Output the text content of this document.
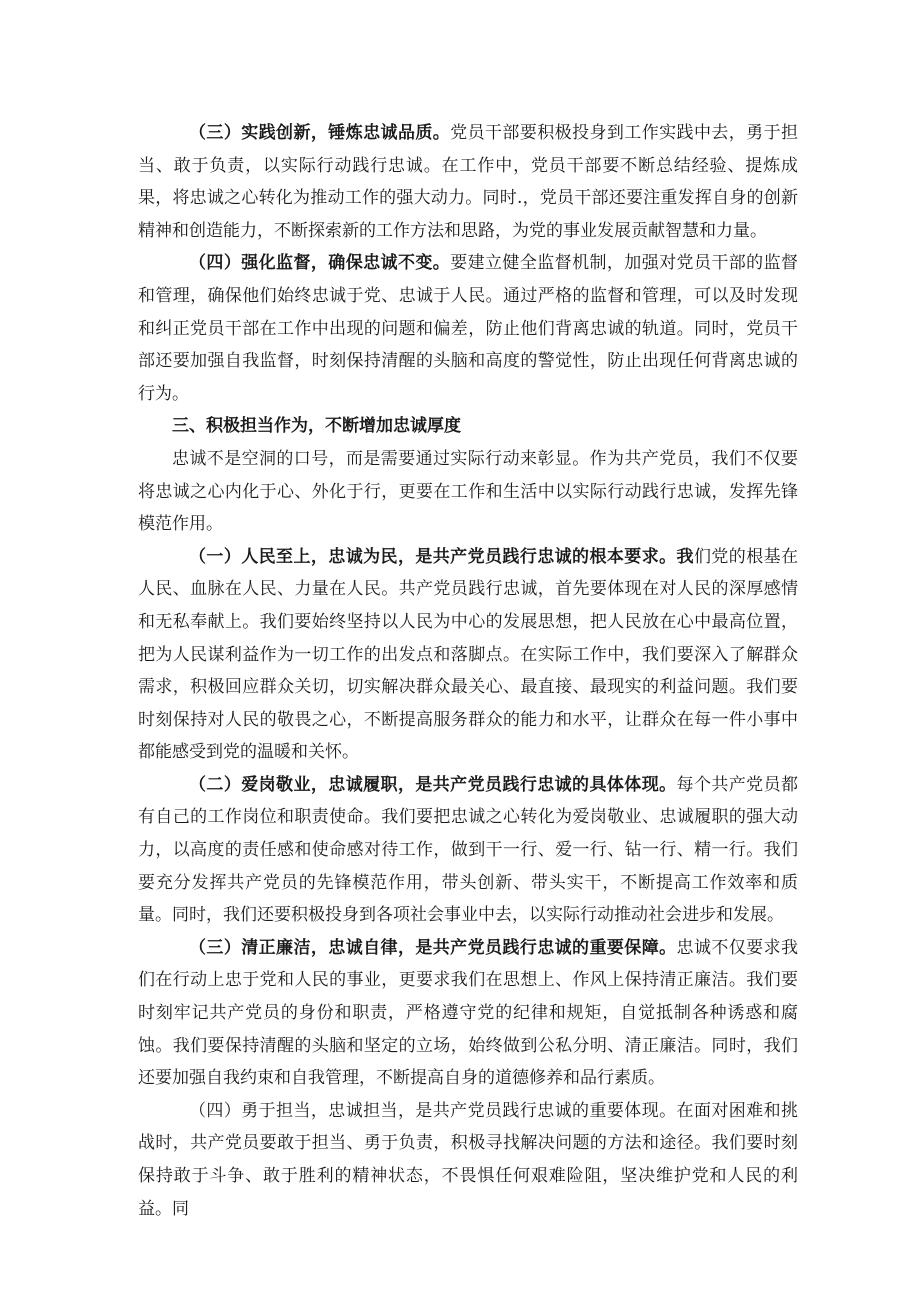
（三）实践创新，锤炼忠诚品质。党员干部要积极投身到工作实践中去，勇于担当、敢于负责，以实际行动践行忠诚。在工作中，党员干部要不断总结经验、提炼成果，将忠诚之心转化为推动工作的强大动力。同时.，党员干部还要注重发挥自身的创新精神和创造能力，不断探索新的工作方法和思路，为党的事业发展贡献智慧和力量。

（四）强化监督，确保忠诚不变。要建立健全监督机制，加强对党员干部的监督和管理，确保他们始终忠诚于党、忠诚于人民。通过严格的监督和管理，可以及时发现和纠正党员干部在工作中出现的问题和偏差，防止他们背离忠诚的轨道。同时，党员干部还要加强自我监督，时刻保持清醒的头脑和高度的警觉性，防止出现任何背离忠诚的行为。

三、积极担当作为，不断增加忠诚厚度

忠诚不是空洞的口号，而是需要通过实际行动来彰显。作为共产党员，我们不仅要将忠诚之心内化于心、外化于行，更要在工作和生活中以实际行动践行忠诚，发挥先锋模范作用。

（一）人民至上，忠诚为民，是共产党员践行忠诚的根本要求。我们党的根基在人民、血脉在人民、力量在人民。共产党员践行忠诚，首先要体现在对人民的深厚感情和无私奉献上。我们要始终坚持以人民为中心的发展思想，把人民放在心中最高位置，把为人民谋利益作为一切工作的出发点和落脚点。在实际工作中，我们要深入了解群众需求，积极回应群众关切，切实解决群众最关心、最直接、最现实的利益问题。我们要时刻保持对人民的敬畏之心，不断提高服务群众的能力和水平，让群众在每一件小事中都能感受到党的温暖和关怀。

（二）爱岗敬业，忠诚履职，是共产党员践行忠诚的具体体现。每个共产党员都有自己的工作岗位和职责使命。我们要把忠诚之心转化为爱岗敬业、忠诚履职的强大动力，以高度的责任感和使命感对待工作，做到干一行、爱一行、钻一行、精一行。我们要充分发挥共产党员的先锋模范作用，带头创新、带头实干，不断提高工作效率和质量。同时，我们还要积极投身到各项社会事业中去，以实际行动推动社会进步和发展。

（三）清正廉洁，忠诚自律，是共产党员践行忠诚的重要保障。忠诚不仅要求我们在行动上忠于党和人民的事业，更要求我们在思想上、作风上保持清正廉洁。我们要时刻牢记共产党员的身份和职责，严格遵守党的纪律和规矩，自觉抵制各种诱惑和腐蚀。我们要保持清醒的头脑和坚定的立场，始终做到公私分明、清正廉洁。同时，我们还要加强自我约束和自我管理，不断提高自身的道德修养和品行素质。

（四）勇于担当，忠诚担当，是共产党员践行忠诚的重要体现。在面对困难和挑战时，共产党员要敢于担当、勇于负责，积极寻找解决问题的方法和途径。我们要时刻保持敢于斗争、敢于胜利的精神状态，不畏惧任何艰难险阻，坚决维护党和人民的利益。同
